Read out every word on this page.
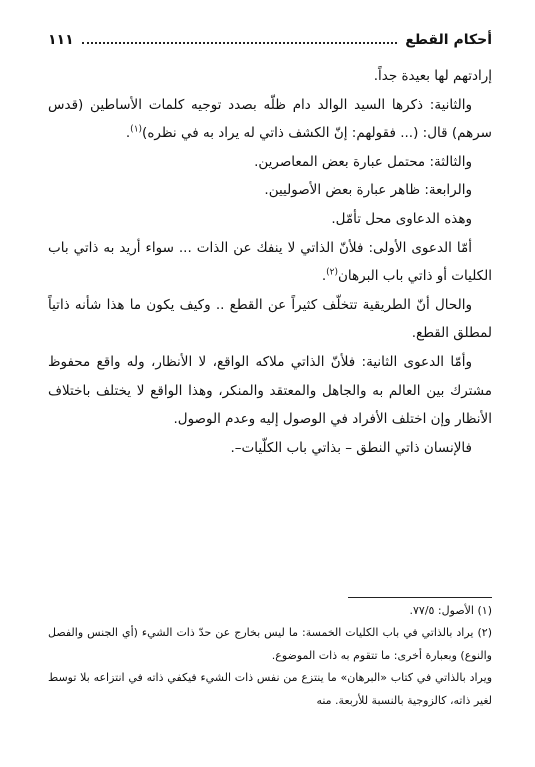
أحكام القطع
١١١

إرادتهم لها بعيدة جداً.

والثانية: ذكرها السيد الوالد دام ظلّه بصدد توجيه كلمات الأساطين (قدس سرهم) قال: (... فقولهم: إنّ الكشف ذاتي له يراد به في نظره)$^{(١)}$.

والثالثة: محتمل عبارة بعض المعاصرين.

والرابعة: ظاهر عبارة بعض الأصوليين.

وهذه الدعاوى محل تأمّل.

أمّا الدعوى الأولى: فلأنّ الذاتي لا ينفك عن الذات ... سواء أريد به ذاتي باب الكليات أو ذاتي باب البرهان$^{(٢)}$.

والحال أنّ الطريقية تتخلّف كثيراً عن القطع .. وكيف يكون ما هذا شأنه ذاتياً لمطلق القطع.

وأمّا الدعوى الثانية: فلأنّ الذاتي ملاكه الواقع، لا الأنظار، وله واقع محفوظ مشترك بين العالم به والجاهل والمعتقد والمنكر، وهذا الواقع لا يختلف باختلاف الأنظار وإن اختلف الأفراد في الوصول إليه وعدم الوصول.

فالإنسان ذاتي النطق – بذاتي باب الكلّيات–.

(١) الأصول: ٧٧/٥.

(٢) يراد بالذاتي في باب الكليات الخمسة: ما ليس بخارج عن حدّ ذات الشيء (أي الجنس والفصل والنوع) وبعبارة أخرى: ما تتقوم به ذات الموضوع.

ويراد بالذاتي في كتاب «البرهان» ما ينتزع من نفس ذات الشيء فيكفي ذاته في انتزاعه بلا توسط لغير ذاته، كالزوجية بالنسبة للأربعة. منه
